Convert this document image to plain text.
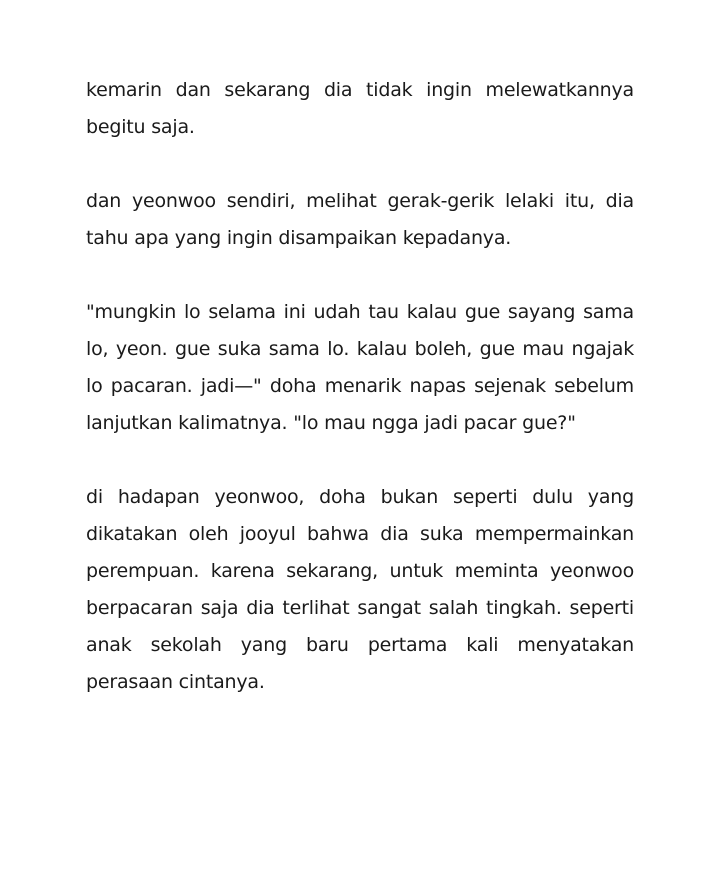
kemarin dan sekarang dia tidak ingin melewatkannya begitu saja.

dan yeonwoo sendiri, melihat gerak-gerik lelaki itu, dia tahu apa yang ingin disampaikan kepadanya.

"mungkin lo selama ini udah tau kalau gue sayang sama lo, yeon. gue suka sama lo. kalau boleh, gue mau ngajak lo pacaran. jadi—" doha menarik napas sejenak sebelum lanjutkan kalimatnya. "lo mau ngga jadi pacar gue?"

di hadapan yeonwoo, doha bukan seperti dulu yang dikatakan oleh jooyul bahwa dia suka mempermainkan perempuan. karena sekarang, untuk meminta yeonwoo berpacaran saja dia terlihat sangat salah tingkah. seperti anak sekolah yang baru pertama kali menyatakan perasaan cintanya.
